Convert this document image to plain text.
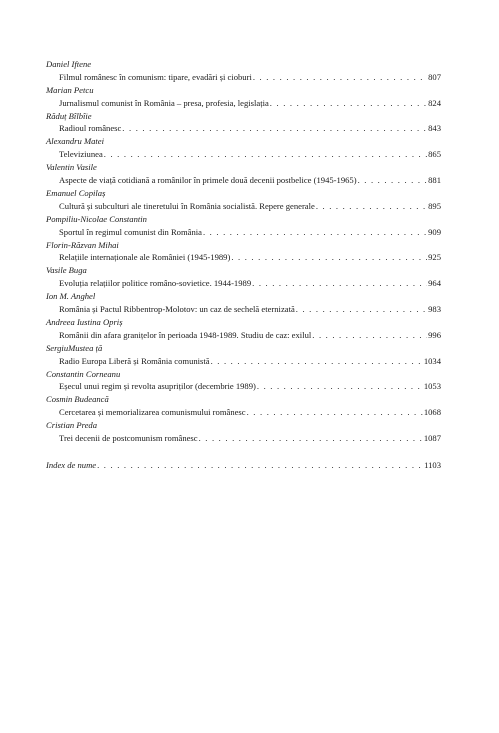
Daniel Iftene
Filmul românesc în comunism: tipare, evadări și cioburi . . .	807
Marian Petcu
Jurnalismul comunist în România – presa, profesia, legislația . . .	824
Răduț Bîlbîie
Radioul românesc . . .	843
Alexandru Matei
Televiziunea . . .	865
Valentin Vasile
Aspecte de viață cotidiană a românilor în primele două decenii postbelice (1945-1965) . . .	881
Emanuel Copilaș
Cultură și subculturi ale tineretului în România socialistă. Repere generale . . .	895
Pompiliu-Nicolae Constantin
Sportul în regimul comunist din România . . .	909
Florin-Răzvan Mihai
Relațiile internaționale ale României (1945-1989) . . .	925
Vasile Buga
Evoluția relațiilor politice româno-sovietice. 1944-1989 . . .	964
Ion M. Anghel
România și Pactul Ribbentrop-Molotov: un caz de sechelă eternizată . . .	983
Andreea Iustina Opriș
Românii din afara granițelor în perioada 1948-1989. Studiu de caz: exilul . . .	996
SergiuMustea ță
Radio Europa Liberă și România comunistă . . .	1034
Constantin Corneanu
Eșecul unui regim și revolta asupriților (decembrie 1989) . . .	1053
Cosmin Budeancă
Cercetarea și memorializarea comunismului românesc . . .	1068
Cristian Preda
Trei decenii de postcomunism românesc . . .	1087
Index de nume . . .	1103
